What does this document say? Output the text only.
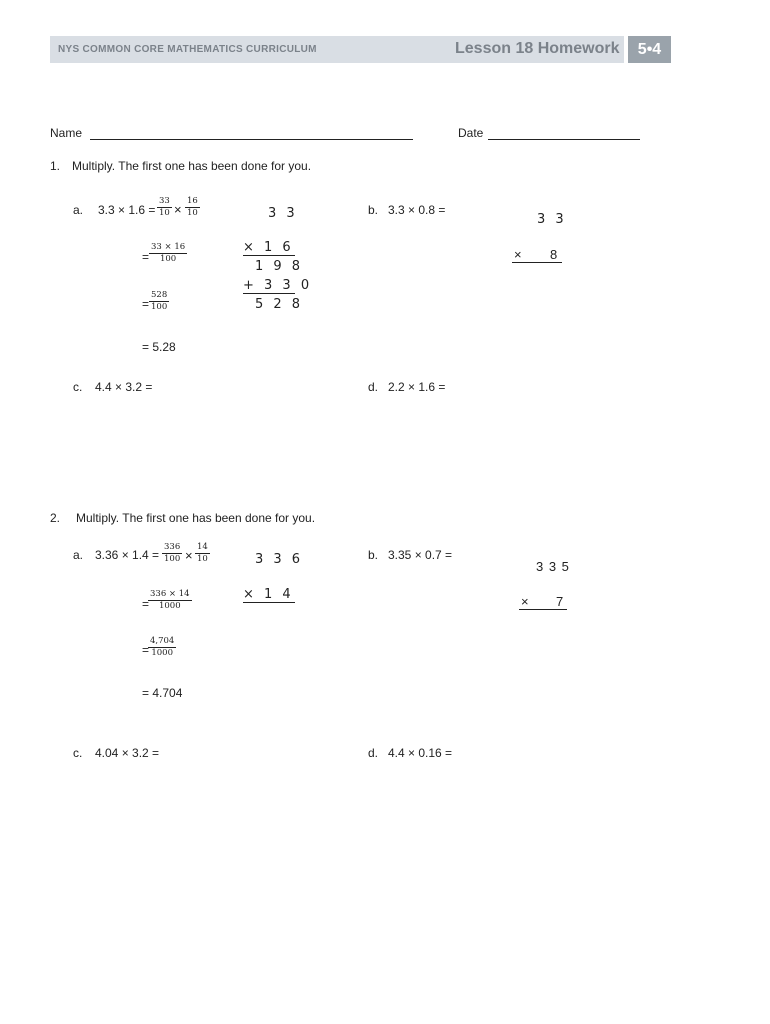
NYS COMMON CORE MATHEMATICS CURRICULUM	Lesson 18 Homework	5•4
Name	Date
1. Multiply. The first one has been done for you.
a. $3.3 \times 1.6 = \frac{33}{10} \times \frac{16}{10}$
= $\frac{33 \times 16}{100}$
= $\frac{528}{100}$
= 5.28
3 3
× 1 6
1 9 8
+ 3 3 0
5 2 8
b. 3.3 × 0.8 =
3 3
× 8
c. 4.4 × 3.2 =	d. 2.2 × 1.6 =
2. Multiply. The first one has been done for you.
a. $3.36 \times 1.4 = \frac{336}{100} \times \frac{14}{10}$
=
$\frac{336 \times 14}{1000}$
=
$\frac{4,704}{1000}$
= 4.704
3 3 6
× 1 4
b. 3.35 × 0.7 =
3 3 5
× 7
c. 4.04 × 3.2 =	d. 4.4 × 0.16 =
